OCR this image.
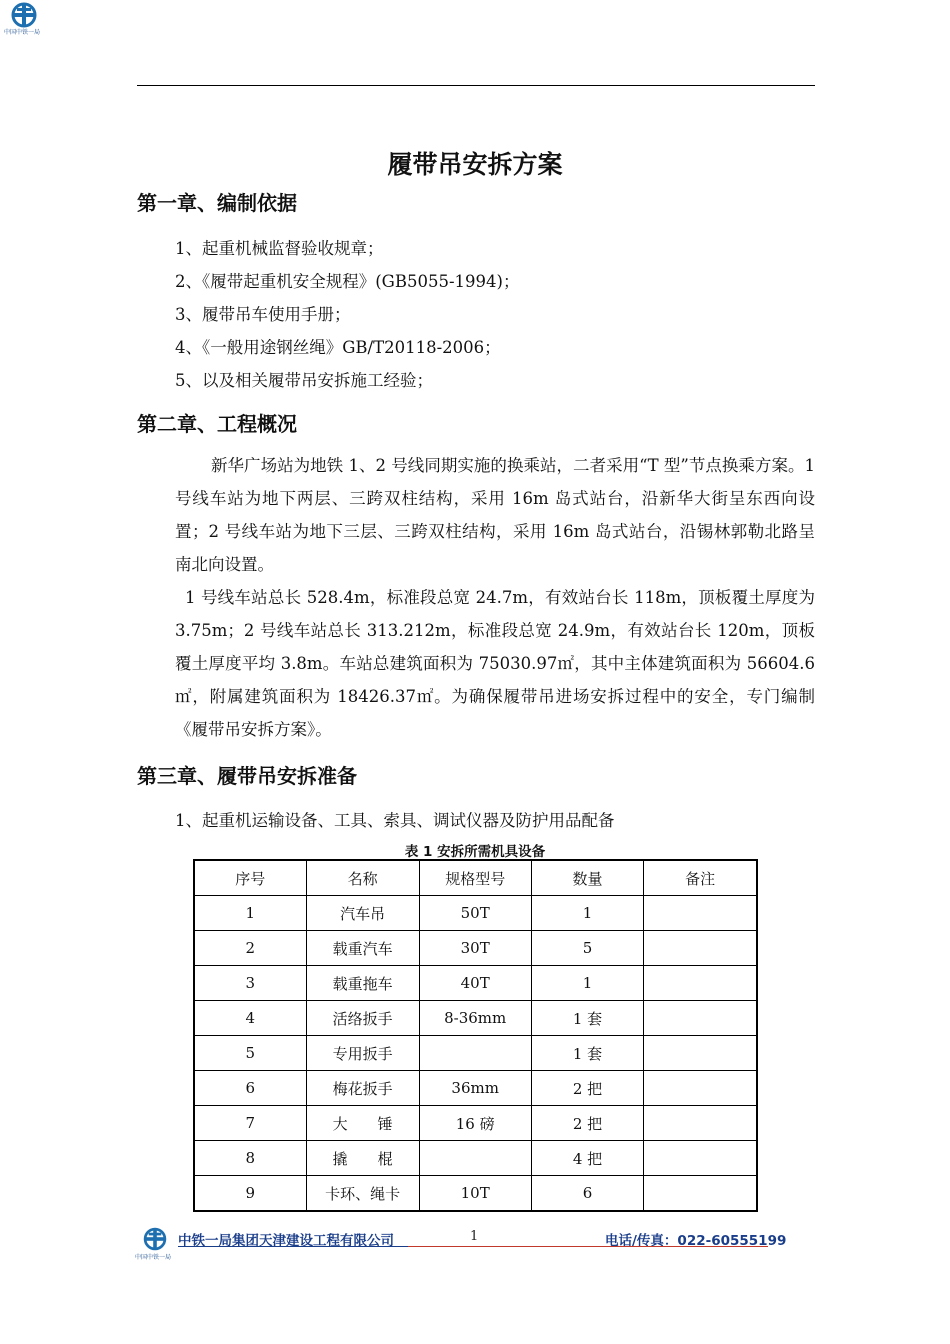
中国中铁一局
履带吊安拆方案
第一章、编制依据
1、起重机械监督验收规章；
2、《履带起重机安全规程》(GB5055-1994)；
3、履带吊车使用手册；
4、《一般用途钢丝绳》GB/T20118-2006；
5、以及相关履带吊安拆施工经验；
第二章、工程概况

新华广场站为地铁 1、2 号线同期实施的换乘站，二者采用“T 型”节点换乘方案。1 号线车站为地下两层、三跨双柱结构，采用 16m 岛式站台，沿新华大街呈东西向设置；2 号线车站为地下三层、三跨双柱结构，采用 16m 岛式站台，沿锡林郭勒北路呈南北向设置。

1 号线车站总长 528.4m，标准段总宽 24.7m，有效站台长 118m，顶板覆土厚度为 3.75m；2 号线车站总长 313.212m，标准段总宽 24.9m，有效站台长 120m，顶板覆土厚度平均 3.8m。车站总建筑面积为 75030.97㎡，其中主体建筑面积为 56604.6㎡，附属建筑面积为 18426.37㎡。为确保履带吊进场安拆过程中的安全，专门编制《履带吊安拆方案》。

第三章、履带吊安拆准备
1、起重机运输设备、工具、索具、调试仪器及防护用品配备
表 1 安拆所需机具设备
序号	名称	规格型号	数量	备注
1	汽车吊	50T	1	
2	载重汽车	30T	5	
3	载重拖车	40T	1	
4	活络扳手	8-36mm	1 套	
5	专用扳手		1 套	
6	梅花扳手	36mm	2 把	
7	大　　锤	16 磅	2 把	
8	撬　　棍		4 把	
9	卡环、绳卡	10T	6	
中国中铁一局
中铁一局集团天津建设工程有限公司	1	电话/传真：022-60555199
